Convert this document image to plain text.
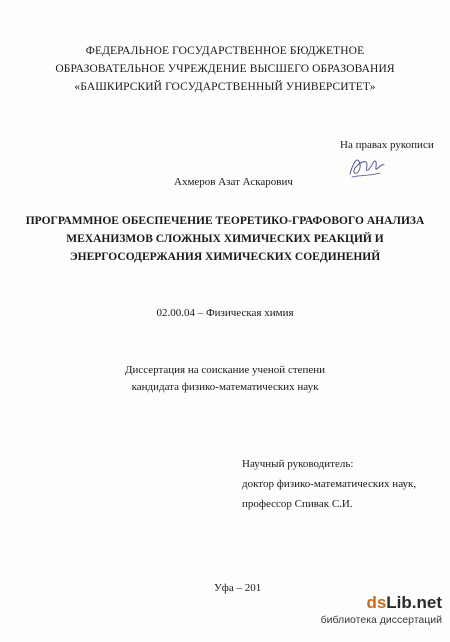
ФЕДЕРАЛЬНОЕ ГОСУДАРСТВЕННОЕ БЮДЖЕТНОЕ
ОБРАЗОВАТЕЛЬНОЕ УЧРЕЖДЕНИЕ ВЫСШЕГО ОБРАЗОВАНИЯ
«БАШКИРСКИЙ ГОСУДАРСТВЕННЫЙ УНИВЕРСИТЕТ»
На правах рукописи
Ахмеров Азат Аскарович
ПРОГРАММНОЕ ОБЕСПЕЧЕНИЕ ТЕОРЕТИКО-ГРАФОВОГО АНАЛИЗА
МЕХАНИЗМОВ СЛОЖНЫХ ХИМИЧЕСКИХ РЕАКЦИЙ И
ЭНЕРГОСОДЕРЖАНИЯ ХИМИЧЕСКИХ СОЕДИНЕНИЙ
02.00.04 – Физическая химия
Диссертация на соискание ученой степени
кандидата физико-математических наук
Научный руководитель:
доктор физико-математических наук,
профессор Спивак С.И.
Уфа – 201
dsLib.net
библиотека диссертаций
